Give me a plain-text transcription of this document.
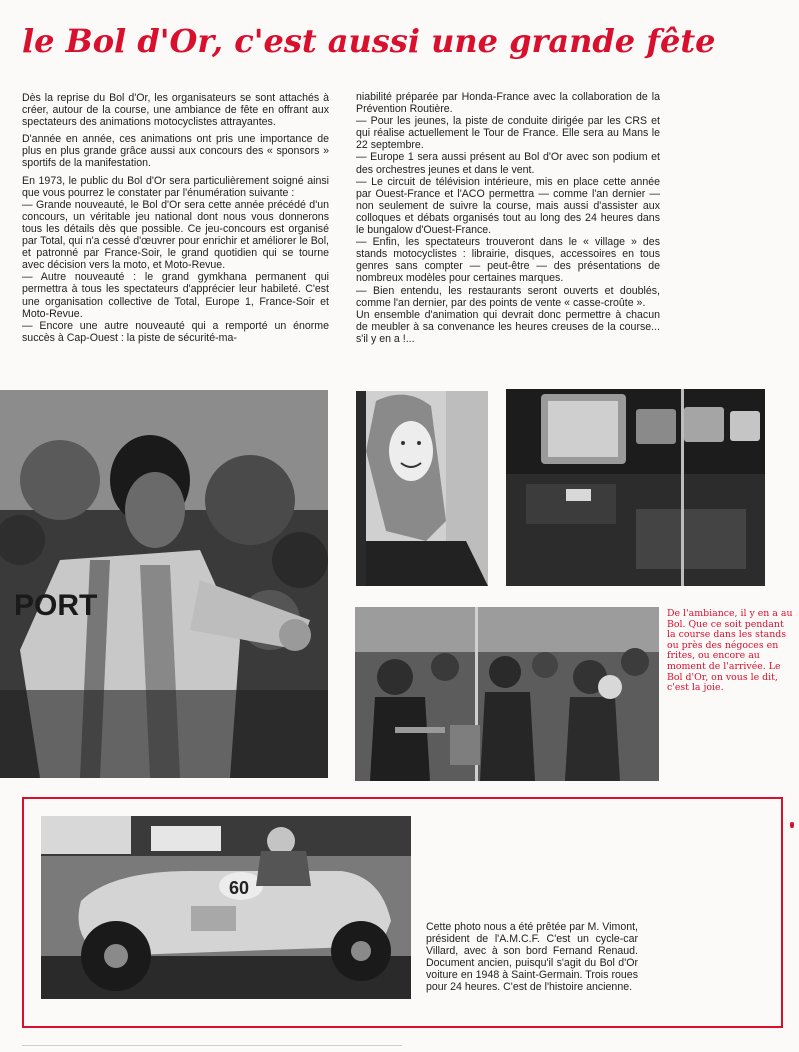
le Bol d'Or, c'est aussi une grande fête

Dès la reprise du Bol d'Or, les organisateurs se sont attachés à créer, autour de la course, une ambiance de fête en offrant aux spectateurs des animations motocyclistes attrayantes.

D'année en année, ces animations ont pris une importance de plus en plus grande grâce aussi aux concours des « sponsors » sportifs de la manifestation.

En 1973, le public du Bol d'Or sera particulièrement soigné ainsi que vous pourrez le constater par l'énumération suivante :

— Grande nouveauté, le Bol d'Or sera cette année précédé d'un concours, un véritable jeu national dont nous vous donnerons tous les détails dès que possible. Ce jeu-concours est organisé par Total, qui n'a cessé d'œuvrer pour enrichir et améliorer le Bol, et patronné par France-Soir, le grand quotidien qui se tourne avec décision vers la moto, et Moto-Revue.

— Autre nouveauté : le grand gymkhana permanent qui permettra à tous les spectateurs d'apprécier leur habileté. C'est une organisation collective de Total, Europe 1, France-Soir et Moto-Revue.

— Encore une autre nouveauté qui a remporté un énorme succès à Cap-Ouest : la piste de sécurité-ma-

niabilité préparée par Honda-France avec la collaboration de la Prévention Routière.

— Pour les jeunes, la piste de conduite dirigée par les CRS et qui réalise actuellement le Tour de France. Elle sera au Mans le 22 septembre.

— Europe 1 sera aussi présent au Bol d'Or avec son podium et des orchestres jeunes et dans le vent.

— Le circuit de télévision intérieure, mis en place cette année par Ouest-France et l'ACO permettra — comme l'an dernier — non seulement de suivre la course, mais aussi d'assister aux colloques et débats organisés tout au long des 24 heures dans le bungalow d'Ouest-France.

— Enfin, les spectateurs trouveront dans le « village » des stands motocyclistes : librairie, disques, accessoires en tous genres sans compter — peut-être — des présentations de nombreux modèles pour certaines marques.

— Bien entendu, les restaurants seront ouverts et doublés, comme l'an dernier, par des points de vente « casse-croûte ».

Un ensemble d'animation qui devrait donc permettre à chacun de meubler à sa convenance les heures creuses de la course... s'il y en a !...

PORT	De l'ambiance, il y en a au Bol. Que ce soit pendant la course dans les stands ou près des négoces en frites, ou encore au moment de l'arrivée. Le Bol d'Or, on vous le dit, c'est la joie.
60
Cette photo nous a été prêtée par M. Vimont, président de l'A.M.C.F. C'est un cycle-car Villard, avec à son bord Fernand Renaud. Document ancien, puisqu'il s'agit du Bol d'Or voiture en 1948 à Saint-Germain. Trois roues pour 24 heures. C'est de l'histoire ancienne.
